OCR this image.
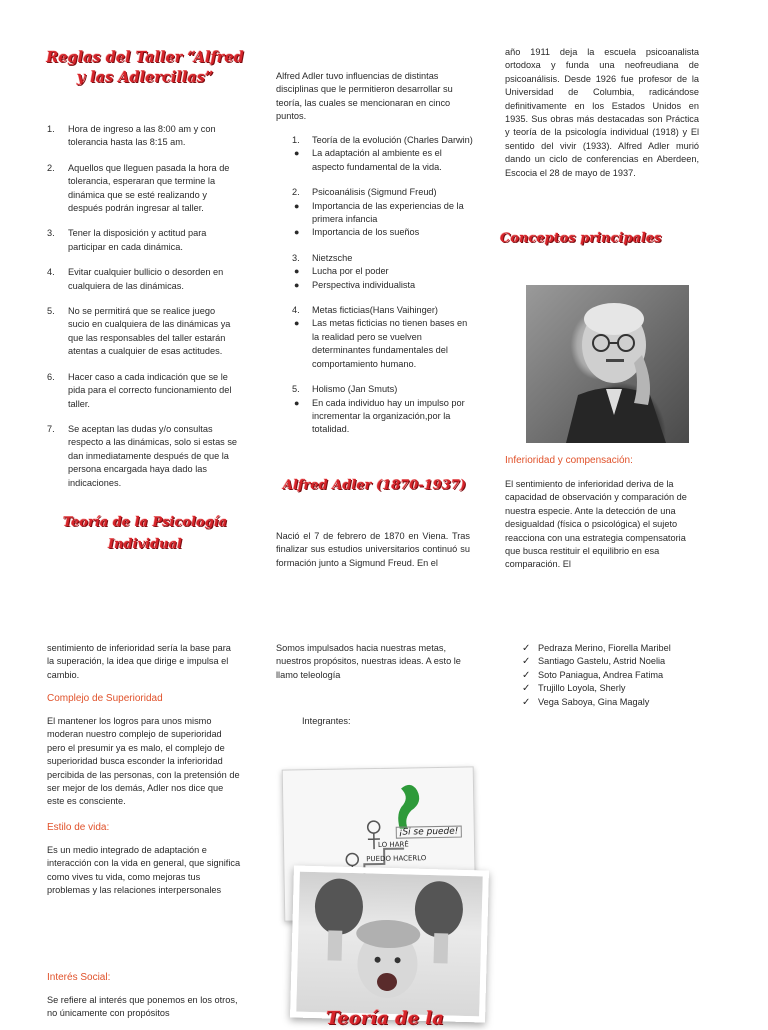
Reglas del Taller “Alfred
y las Adlercillas”
1. Hora de ingreso a las 8:00 am y con tolerancia hasta las 8:15 am.
2. Aquellos que lleguen pasada la hora de tolerancia, esperaran que termine la dinámica que se esté realizando y después podrán ingresar al taller.
3. Tener la disposición y actitud para participar en cada dinámica.
4. Evitar cualquier bullicio o desorden en cualquiera de las dinámicas.
5. No se permitirá que se realice juego sucio en cualquiera de las dinámicas ya que las responsables del taller estarán atentas a cualquier de esas actitudes.
6. Hacer caso a cada indicación que se le pida para el correcto funcionamiento del taller.
7. Se aceptan las dudas y/o consultas respecto a las dinámicas, solo si estas se dan inmediatamente después de que la persona encargada haya dado las indicaciones.
Teoría de la Psicología
Individual
Alfred Adler tuvo influencias de distintas disciplinas que le permitieron desarrollar su teoría, las cuales se mencionaran en cinco puntos.
1. Teoría de la evolución (Charles Darwin)
● La adaptación al ambiente es el aspecto fundamental de la vida.
2. Psicoanálisis (Sigmund Freud)
● Importancia de las experiencias de la primera infancia
● Importancia de los sueños
3. Nietzsche
● Lucha por el poder
● Perspectiva individualista
4. Metas ficticias(Hans Vaihinger)
● Las metas ficticias no tienen bases en la realidad pero se vuelven determinantes fundamentales del comportamiento humano.
5. Holismo (Jan Smuts)
● En cada individuo hay un impulso por incrementar la organización,por la totalidad.
Alfred Adler (1870-1937)
Nació el 7 de febrero de 1870 en Viena. Tras finalizar sus estudios universitarios continuó su formación junto a Sigmund Freud. En el
año 1911 deja la escuela psicoanalista ortodoxa y funda una neofreudiana de psicoanálisis. Desde 1926 fue profesor de la Universidad de Columbia, radicándose definitivamente en los Estados Unidos en 1935. Sus obras más destacadas son Práctica y teoría de la psicología individual (1918) y El sentido del vivir (1933). Alfred Adler murió dando un ciclo de conferencias en Aberdeen, Escocia el 28 de mayo de 1937.
Conceptos principales
Inferioridad y compensación:
El sentimiento de inferioridad deriva de la capacidad de observación y comparación de nuestra especie. Ante la detección de una desigualdad (física o psicológica) el sujeto reacciona con una estrategia compensatoria que busca restituir el equilibrio en esa comparación. El
sentimiento de inferioridad sería la base para la superación, la idea que dirige e impulsa el cambio.
Complejo de Superioridad
El mantener los logros para unos mismo moderan nuestro complejo de superioridad pero el presumir ya es malo, el complejo de superioridad busca esconder la inferioridad percibida de las personas, con la pretensión de ser mejor de los demás, Adler nos dice que este es consciente.
Estilo de vida:
Es un medio integrado de adaptación e interacción con la vida en general, que significa como vives tu vida, como mejoras tus problemas y las relaciones interpersonales
Interés Social:
Se refiere al interés que ponemos en los otros, no únicamente con propósitos
Somos impulsados hacia nuestras metas, nuestros propósitos, nuestras ideas. A esto le llamo teleología
Integrantes:
¡Si se puede!
LO HARÉ
PUEDO HACERLO
Teoría de la
✓ Pedraza Merino, Fiorella Maribel
✓ Santiago Gastelu, Astrid Noelia
✓ Soto Paniagua, Andrea Fatima
✓ Trujillo Loyola, Sherly
✓ Vega Saboya, Gina Magaly
